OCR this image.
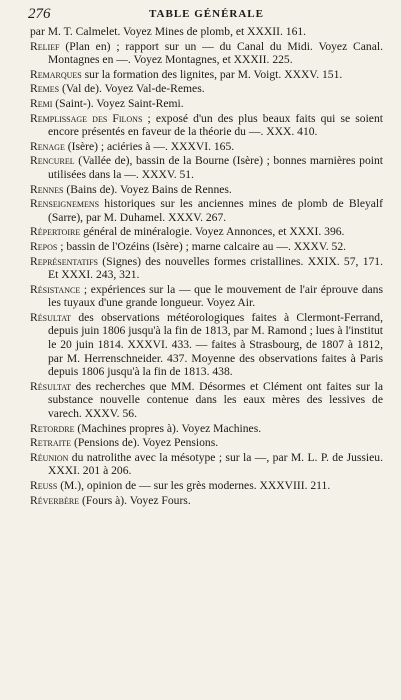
276	TABLE GÉNÉRALE

par M. T. Calmelet. Voyez Mines de plomb, et XXXII. 161.

Relief (Plan en) ; rapport sur un — du Canal du Midi. Voyez Canal. Montagnes en —. Voyez Montagnes, et XXXII. 225.

Remarques sur la formation des lignites, par M. Voigt. XXXV. 151.

Remes (Val de). Voyez Val-de-Remes.

Remi (Saint-). Voyez Saint-Remi.

Remplissage des Filons ; exposé d'un des plus beaux faits qui se soient encore présentés en faveur de la théorie du —. XXX. 410.

Renage (Isère) ; aciéries à —. XXXVI. 165.

Rencurel (Vallée de), bassin de la Bourne (Isère) ; bonnes marnières point utilisées dans la —. XXXV. 51.

Rennes (Bains de). Voyez Bains de Rennes.

Renseignemens historiques sur les anciennes mines de plomb de Bleyalf (Sarre), par M. Duhamel. XXXV. 267.

Répertoire général de minéralogie. Voyez Annonces, et XXXI. 396.

Repos ; bassin de l'Ozéins (Isère) ; marne calcaire au —. XXXV. 52.

Représentatifs (Signes) des nouvelles formes cristallines. XXIX. 57, 171. Et XXXI. 243, 321.

Résistance ; expériences sur la — que le mouvement de l'air éprouve dans les tuyaux d'une grande longueur. Voyez Air.

Résultat des observations météorologiques faites à Clermont-Ferrand, depuis juin 1806 jusqu'à la fin de 1813, par M. Ramond ; lues à l'institut le 20 juin 1814. XXXVI. 433. — faites à Strasbourg, de 1807 à 1812, par M. Herrenschneider. 437. Moyenne des observations faites à Paris depuis 1806 jusqu'à la fin de 1813. 438.

Résultat des recherches que MM. Désormes et Clément ont faites sur la substance nouvelle contenue dans les eaux mères des lessives de varech. XXXV. 56.

Retordre (Machines propres à). Voyez Machines.

Retraite (Pensions de). Voyez Pensions.

Réunion du natrolithe avec la mésotype ; sur la —, par M. L. P. de Jussieu. XXXI. 201 à 206.

Reuss (M.), opinion de — sur les grès modernes. XXXVIII. 211.

Réverbère (Fours à). Voyez Fours.
